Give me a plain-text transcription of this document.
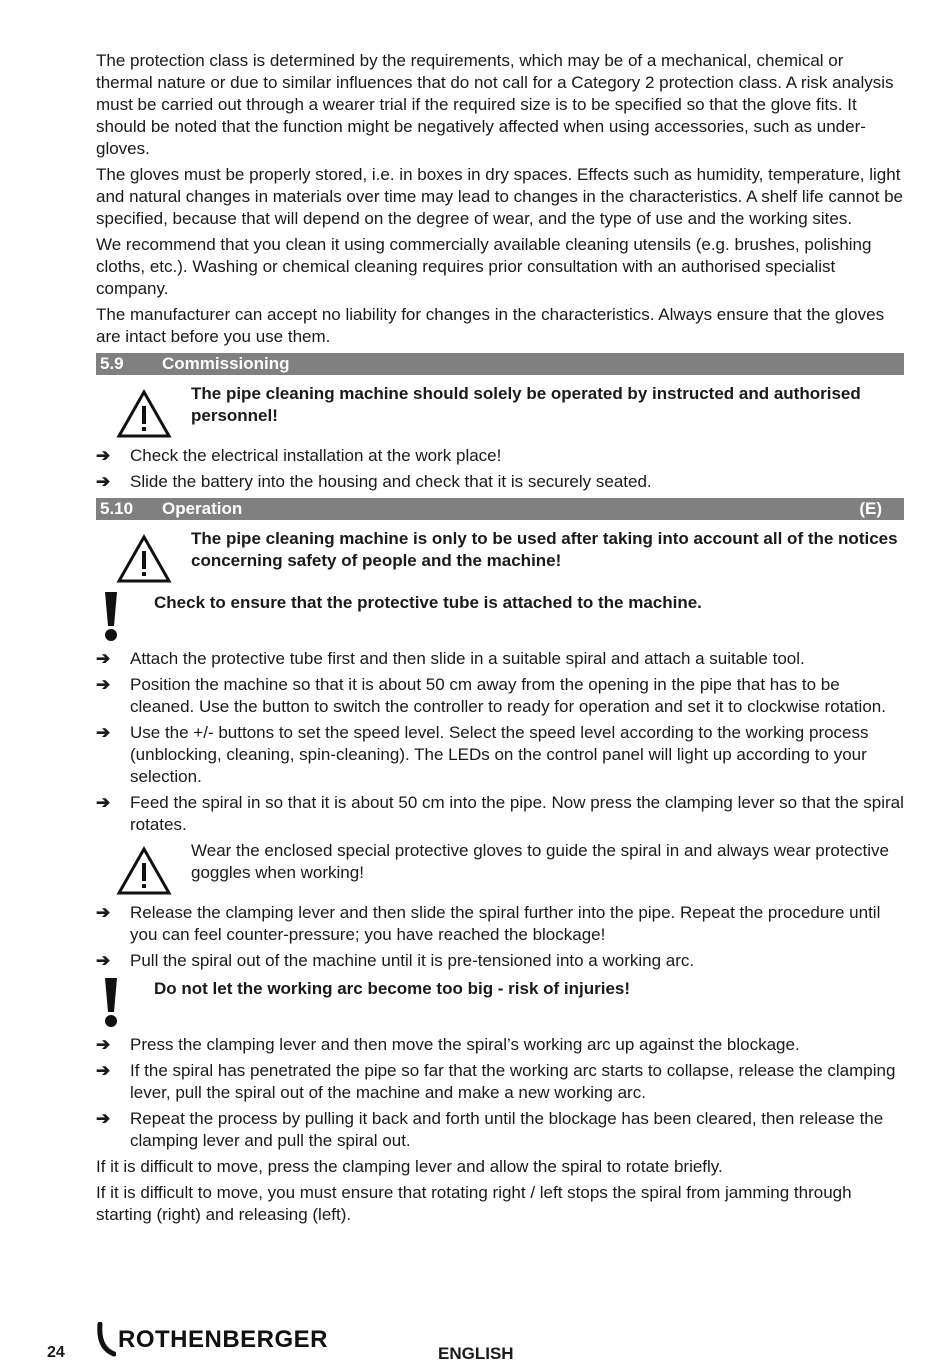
The protection class is determined by the requirements, which may be of a mechanical, chemical or thermal nature or due to similar influences that do not call for a Category 2 protection class. A risk analysis must be carried out through a wearer trial if the required size is to be specified so that the glove fits. It should be noted that the function might be negatively affected when using accessories, such as under-gloves.

The gloves must be properly stored, i.e. in boxes in dry spaces. Effects such as humidity, temperature, light and natural changes in materials over time may lead to changes in the characteristics. A shelf life cannot be specified, because that will depend on the degree of wear, and the type of use and the working sites.

We recommend that you clean it using commercially available cleaning utensils (e.g. brushes, polishing cloths, etc.). Washing or chemical cleaning requires prior consultation with an authorised specialist company.

The manufacturer can accept no liability for changes in the characteristics. Always ensure that the gloves are intact before you use them.

5.9	Commissioning
The pipe cleaning machine should solely be operated by instructed and authorised personnel!
➔	Check the electrical installation at the work place!
➔	Slide the battery into the housing and check that it is securely seated.
5.10	Operation	(E)
The pipe cleaning machine is only to be used after taking into account all of the notices concerning safety of people and the machine!
Check to ensure that the protective tube is attached to the machine.
➔	Attach the protective tube first and then slide in a suitable spiral and attach a suitable tool.
➔	Position the machine so that it is about 50 cm away from the opening in the pipe that has to be cleaned. Use the button to switch the controller to ready for operation and set it to clockwise rotation.
➔	Use the +/- buttons to set the speed level. Select the speed level according to the working process (unblocking, cleaning, spin-cleaning). The LEDs on the control panel will light up according to your selection.
➔	Feed the spiral in so that it is about 50 cm into the pipe. Now press the clamping lever so that the spiral rotates.
Wear the enclosed special protective gloves to guide the spiral in and always wear protective goggles when working!
➔	Release the clamping lever and then slide the spiral further into the pipe. Repeat the procedure until you can feel counter-pressure; you have reached the blockage!
➔	Pull the spiral out of the machine until it is pre-tensioned into a working arc.
Do not let the working arc become too big - risk of injuries!
➔	Press the clamping lever and then move the spiral’s working arc up against the blockage.
➔	If the spiral has penetrated the pipe so far that the working arc starts to collapse, release the clamping lever, pull the spiral out of the machine and make a new working arc.
➔	Repeat the process by pulling it back and forth until the blockage has been cleared, then release the clamping lever and pull the spiral out.

If it is difficult to move, press the clamping lever and allow the spiral to rotate briefly.

If it is difficult to move, you must ensure that rotating right / left stops the spiral from jamming through starting (right) and releasing (left).

24 ROTHENBERGER
ENGLISH
